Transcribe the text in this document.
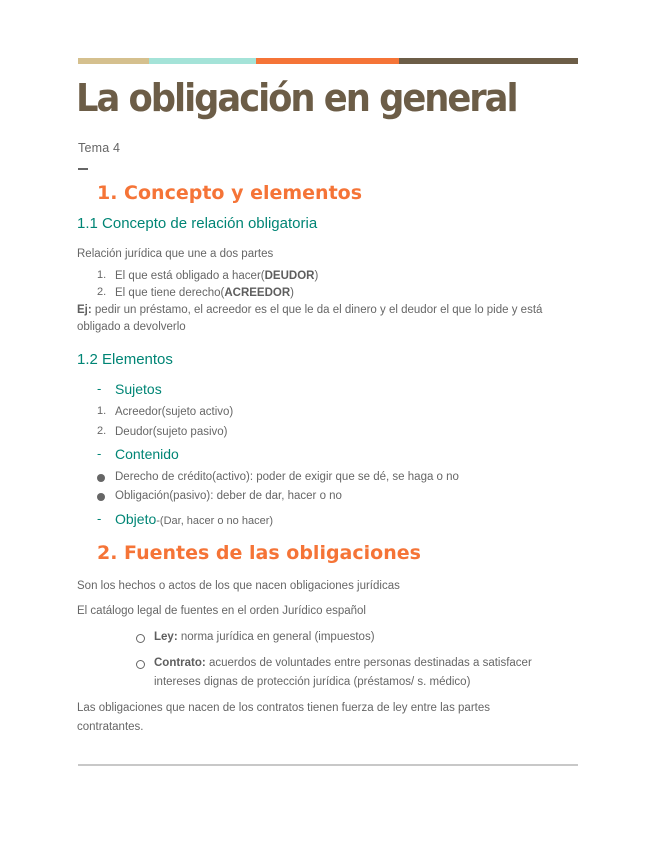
La obligación en general
Tema 4
1. Concepto y elementos
1.1 Concepto de relación obligatoria

Relación jurídica que une a dos partes

1. El que está obligado a hacer(DEUDOR)

2. El que tiene derecho(ACREEDOR)

Ej: pedir un préstamo, el acreedor es el que le da el dinero y el deudor el que lo pide y está

obligado a devolverlo

1.2 Elementos
- Sujetos
1. Acreedor(sujeto activo)

2. Deudor(sujeto pasivo)

- Contenido

Derecho de crédito(activo): poder de exigir que se dé, se haga o no

Obligación(pasivo): deber de dar, hacer o no

- Objeto-(Dar, hacer o no hacer)
2. Fuentes de las obligaciones

Son los hechos o actos de los que nacen obligaciones jurídicas

El catálogo legal de fuentes en el orden Jurídico español

Ley: norma jurídica en general (impuestos)

Contrato: acuerdos de voluntades entre personas destinadas a satisfacer

intereses dignas de protección jurídica (préstamos/ s. médico)

Las obligaciones que nacen de los contratos tienen fuerza de ley entre las partes

contratantes.
